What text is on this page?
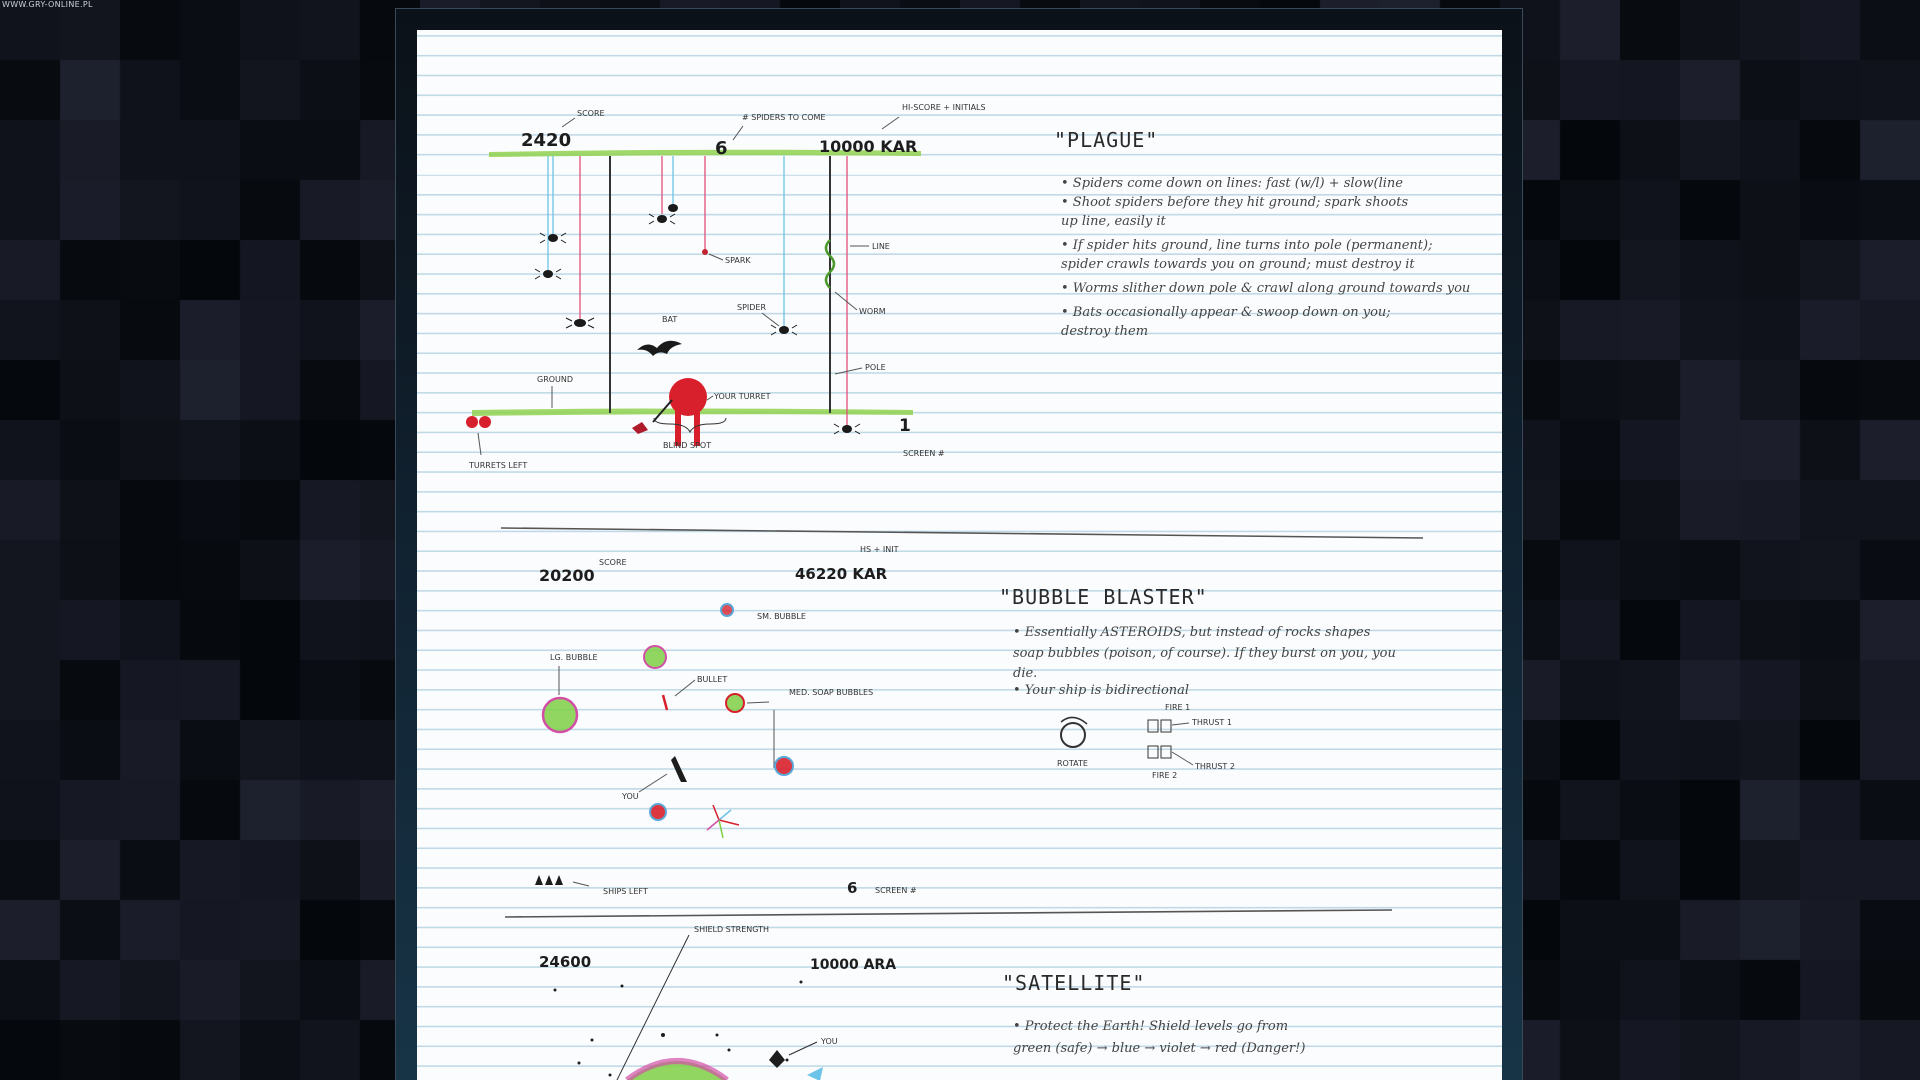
WWW.GRY-ONLINE.PL
2420
SCORE
6
# SPIDERS TO COME
10000 KAR
HI-SCORE + INITIALS
SPARK
LINE
WORM
POLE
SPIDER
BAT
YOUR TURRET
GROUND
BLIND SPOT
TURRETS LEFT
1
SCREEN #
"PLAGUE"
• Spiders come down on lines: fast (w/l) + slow(line
• Shoot spiders before they hit ground; spark shoots
up line, easily it
• If spider hits ground, line turns into pole (permanent);
spider crawls towards you on ground; must destroy it
• Worms slither down pole & crawl along ground towards you
• Bats occasionally appear & swoop down on you;
destroy them
20200
SCORE
46220 KAR
HS + INIT
SM. BUBBLE
LG. BUBBLE
BULLET
MED. SOAP BUBBLES
YOU
SHIPS LEFT	6 SCREEN #
"BUBBLE BLASTER"
• Essentially ASTEROIDS, but instead of rocks shapes
soap bubbles (poison, of course). If they burst on you, you
die.
• Your ship is bidirectional
ROTATE
FIRE 1
THRUST 1
FIRE 2
THRUST 2
24600	10000 ARA
SHIELD STRENGTH
YOU
"SATELLITE"
• Protect the Earth! Shield levels go from
green (safe) → blue → violet → red (Danger!)
